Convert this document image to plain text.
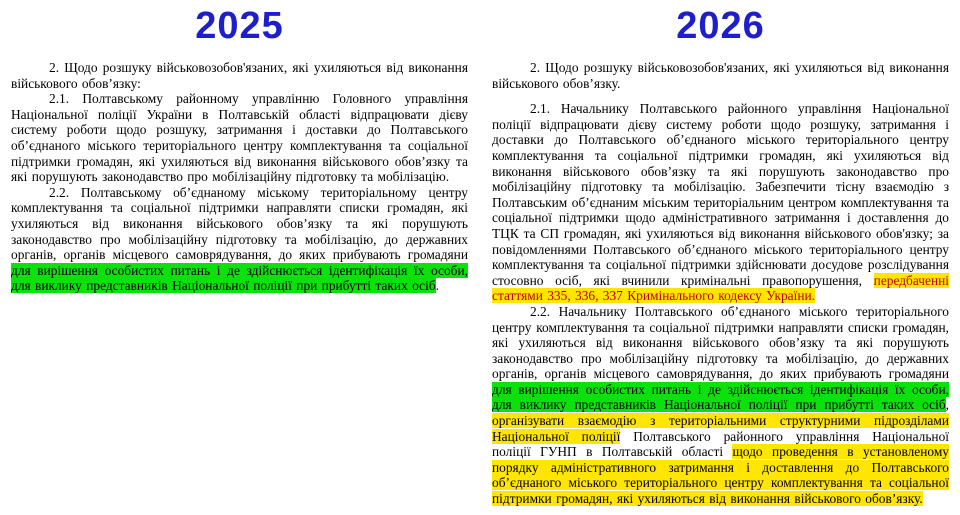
2025

2. Щодо розшуку військовозобов'язаних, які ухиляються від виконання військового обов’язку:

2.1. Полтавському районному управлінню Головного управління Національної поліції України в Полтавській області відпрацювати дієву систему роботи щодо розшуку, затримання і доставки до Полтавського об’єднаного міського територіального центру комплектування та соціальної підтримки громадян, які ухиляються від виконання військового обов’язку та які порушують законодавство про мобілізаційну підготовку та мобілізацію.

2.2. Полтавському об’єднаному міському територіальному центру комплектування та соціальної підтримки направляти списки громадян, які ухиляються від виконання військового обов’язку та які порушують законодавство про мобілізаційну підготовку та мобілізацію, до державних органів, органів місцевого самоврядування, до яких прибувають громадяни для вирішення особистих питань і де здійснюється ідентифікація їх особи, для виклику представників Національної поліції при прибутті таких осіб.

2026

2. Щодо розшуку військовозобов'язаних, які ухиляються від виконання військового обов’язку.

2.1. Начальнику Полтавського районного управління Національної поліції відпрацювати дієву систему роботи щодо розшуку, затримання і доставки до Полтавського об’єднаного міського територіального центру комплектування та соціальної підтримки громадян, які ухиляються від виконання військового обов’язку та які порушують законодавство про мобілізаційну підготовку та мобілізацію. Забезпечити тісну взаємодію з Полтавським об’єднаним міським територіальним центром комплектування та соціальної підтримки щодо адміністративного затримання і доставлення до ТЦК та СП громадян, які ухиляються від виконання військового обов'язку; за повідомленнями Полтавського об’єднаного міського територіального центру комплектування та соціальної підтримки здійснювати досудове розслідування стосовно осіб, які вчинили кримінальні правопорушення, передбаченні статтями 335, 336, 337 Кримінального кодексу України.

2.2. Начальнику Полтавського об’єднаного міського територіального центру комплектування та соціальної підтримки направляти списки громадян, які ухиляються від виконання військового обов’язку та які порушують законодавство про мобілізаційну підготовку та мобілізацію, до державних органів, органів місцевого самоврядування, до яких прибувають громадяни для вирішення особистих питань і де здійснюється ідентифікація їх особи, для виклику представників Національної поліції при прибутті таких осіб, організувати взаємодію з територіальними структурними підрозділами Національної поліції Полтавського районного управління Національної поліції ГУНП в Полтавській області щодо проведення в установленому порядку адміністративного затримання і доставлення до Полтавського об’єднаного міського територіального центру комплектування та соціальної підтримки громадян, які ухиляються від виконання військового обов’язку.
